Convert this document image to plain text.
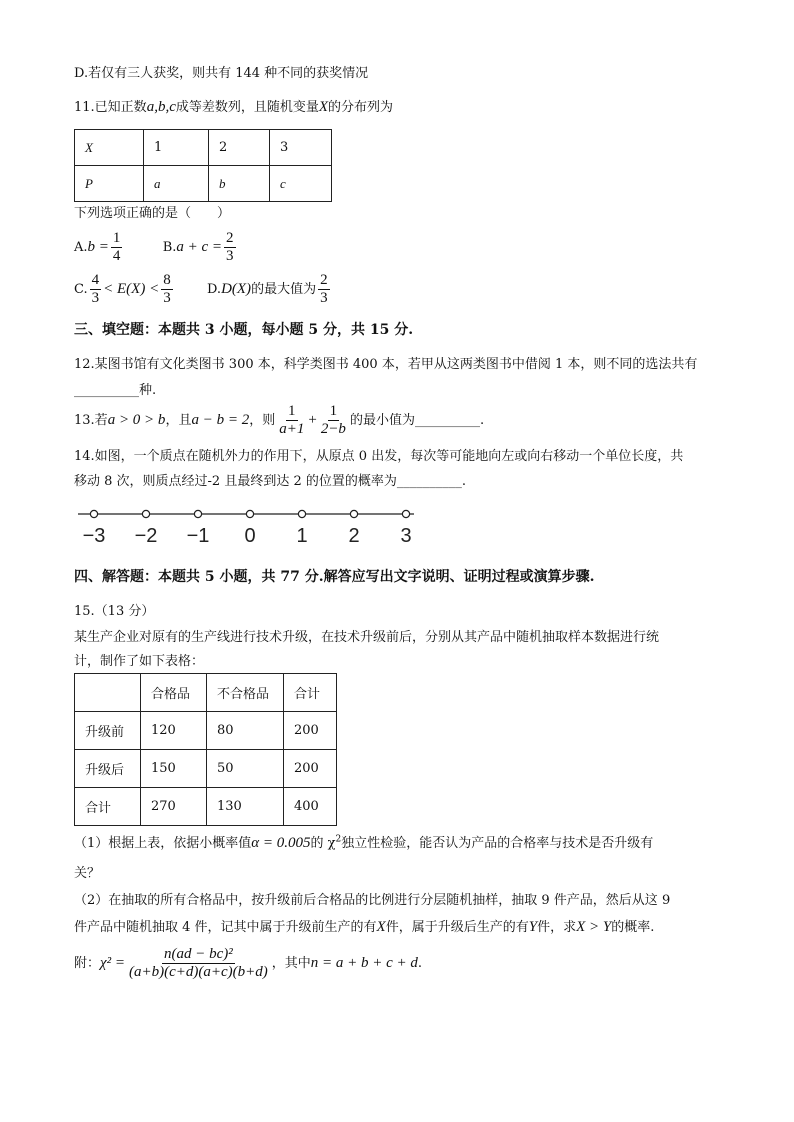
D.若仅有三人获奖，则共有 144 种不同的获奖情况
11.已知正数a,b,c成等差数列，且随机变量X的分布列为
X	1	2	3
P	a	b	c
下列选项正确的是（　　）
$A.b = \frac{1}{4}$	$B.a + c = \frac{2}{3}$
C. $\frac{4}{3} < E(X) < \frac{8}{3}$	D.D(X)的最大值为 $\frac{2}{3}$
三、填空题：本题共 3 小题，每小题 5 分，共 15 分.
12.某图书馆有文化类图书 300 本，科学类图书 400 本，若甲从这两类图书中借阅 1 本，则不同的选法共有
__________种.
13.若a > 0 > b，且a − b = 2，则 $\frac{1}{a+1} + \frac{1}{2-b}$ 的最小值为__________.
14.如图，一个质点在随机外力的作用下，从原点 0 出发，每次等可能地向左或向右移动一个单位长度，共
移动 8 次，则质点经过-2 且最终到达 2 的位置的概率为__________.
−3 −2 −1 0 1 2 3
四、解答题：本题共 5 小题，共 77 分.解答应写出文字说明、证明过程或演算步骤.
15.（13 分）
某生产企业对原有的生产线进行技术升级，在技术升级前后，分别从其产品中随机抽取样本数据进行统
计，制作了如下表格：
	合格品	不合格品	合计
升级前	120	80	200
升级后	150	50	200
合计	270	130	400
（1）根据上表，依据小概率值α = 0.005的 $\chi^2$独立性检验，能否认为产品的合格率与技术是否升级有
关？
（2）在抽取的所有合格品中，按升级前后合格品的比例进行分层随机抽样，抽取 9 件产品，然后从这 9
件产品中随机抽取 4 件，记其中属于升级前生产的有X件，属于升级后生产的有Y件，求X > Y的概率.
附：$\chi^2 = \frac{\text{n(ad − bc)²}}{(a+b)(c+d)(a+c)(b+d)}$ ，其中n = a + b + c + d.
